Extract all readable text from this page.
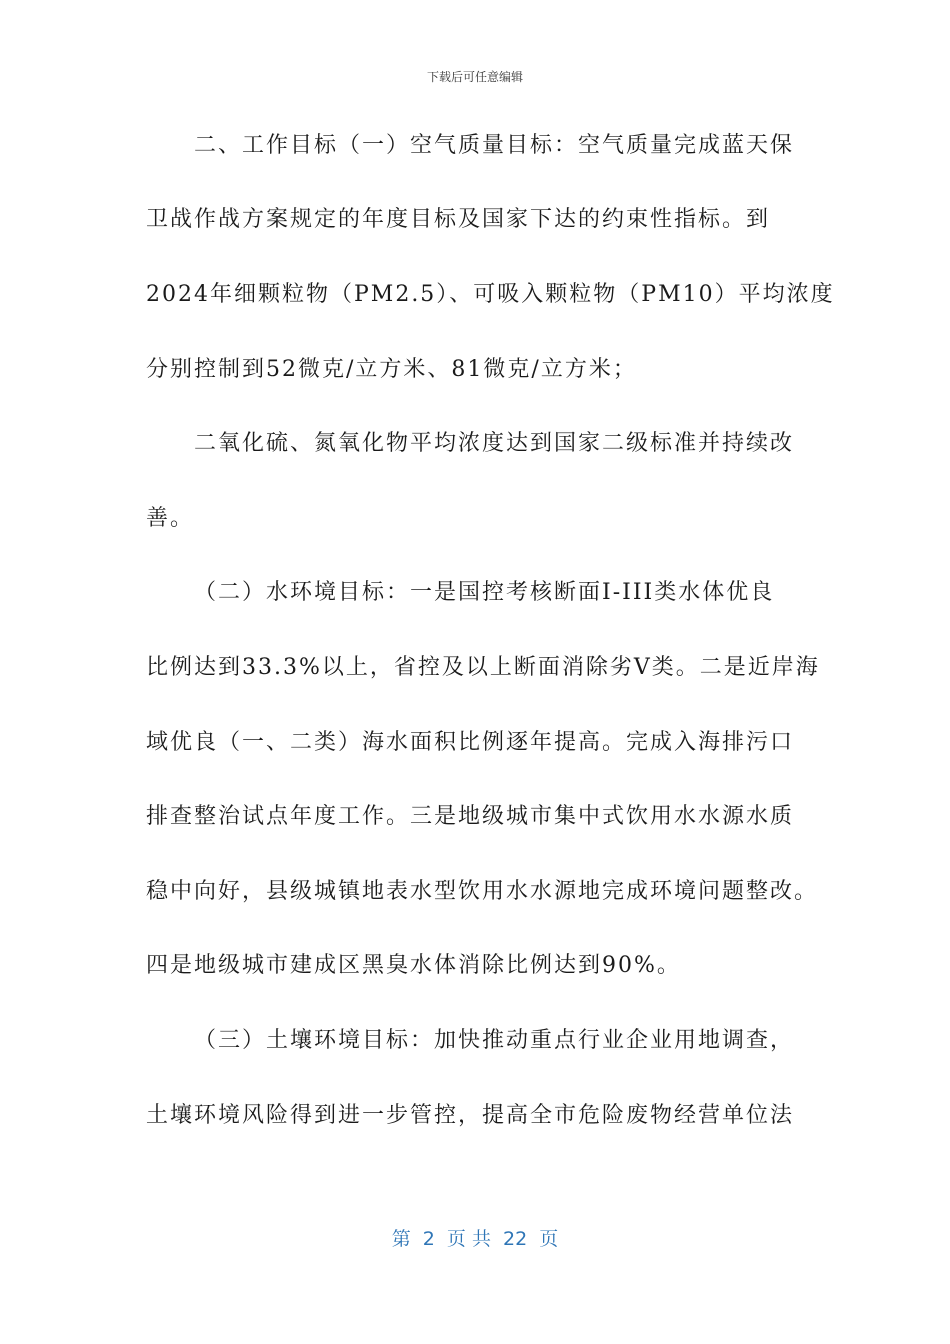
下载后可任意编辑
二、工作目标（一）空气质量目标：空气质量完成蓝天保
卫战作战方案规定的年度目标及国家下达的约束性指标。到
2024年细颗粒物（PM2.5）、可吸入颗粒物（PM10）平均浓度
分别控制到52微克/立方米、81微克/立方米；
二氧化硫、氮氧化物平均浓度达到国家二级标准并持续改
善。
（二）水环境目标：一是国控考核断面I-III类水体优良
比例达到33.3%以上，省控及以上断面消除劣Ⅴ类。二是近岸海
域优良（一、二类）海水面积比例逐年提高。完成入海排污口
排查整治试点年度工作。三是地级城市集中式饮用水水源水质
稳中向好，县级城镇地表水型饮用水水源地完成环境问题整改。
四是地级城市建成区黑臭水体消除比例达到90%。
（三）土壤环境目标：加快推动重点行业企业用地调查，
土壤环境风险得到进一步管控，提高全市危险废物经营单位法
第  2  页 共  22  页
